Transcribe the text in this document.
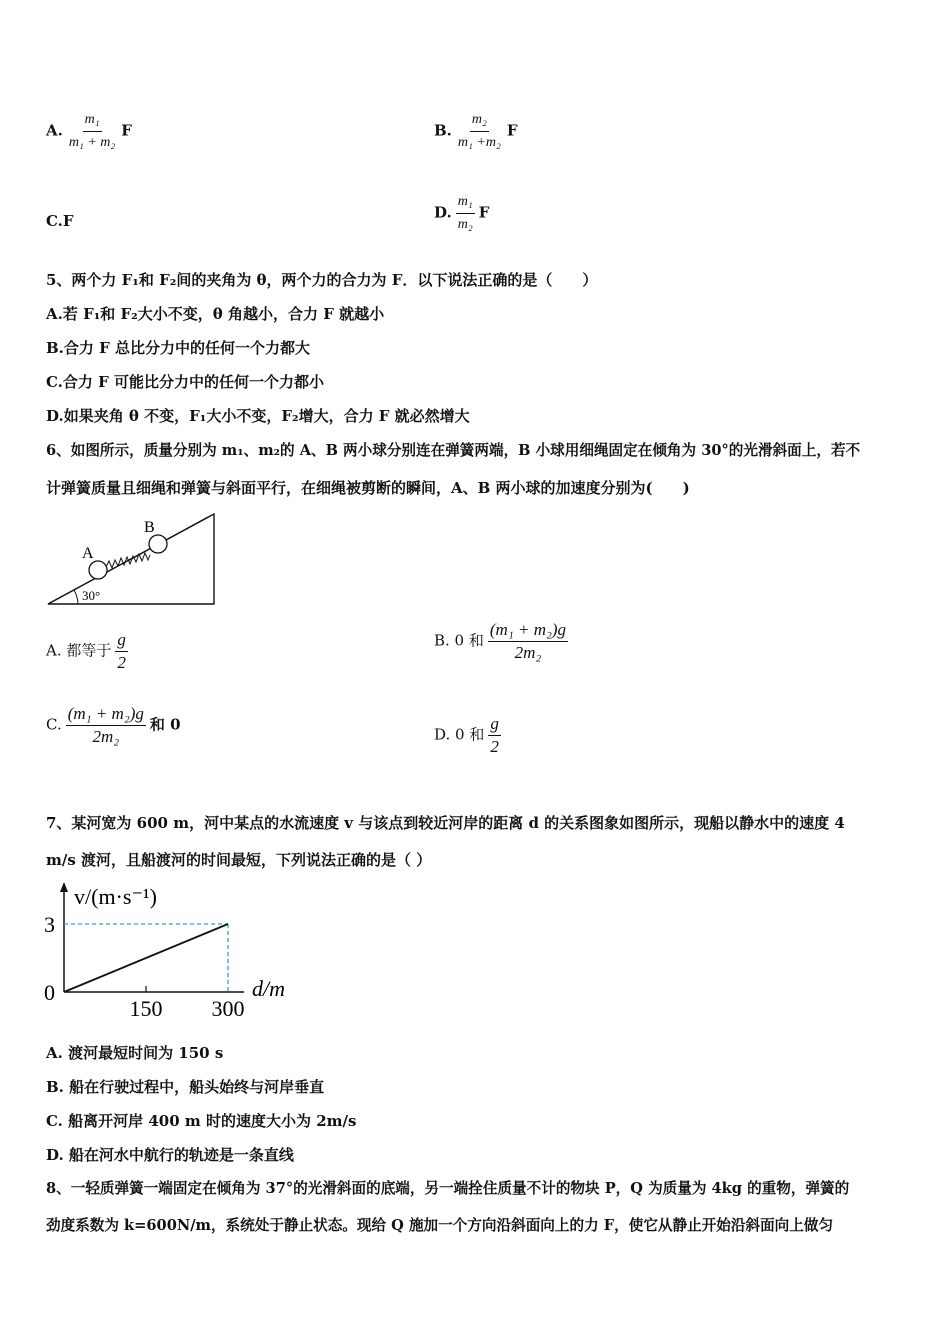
A. $\frac{\text{m₁}}{\text{m₁ + m₂}}$ F	B. $\frac{\text{m₂}}{\text{m₁ +m₂}}$ F
C.F	D. $\frac{\text{m₁}}{\text{m₂}}$ F
5、两个力 F₁和 F₂间的夹角为 θ，两个力的合力为 F．以下说法正确的是（　　）
A.若 F₁和 F₂大小不变，θ 角越小，合力 F 就越小
B.合力 F 总比分力中的任何一个力都大
C.合力 F 可能比分力中的任何一个力都小
D.如果夹角 θ 不变，F₁大小不变，F₂增大，合力 F 就必然增大
6、如图所示，质量分别为 m₁、m₂的 A、B 两小球分别连在弹簧两端，B 小球用细绳固定在倾角为 30°的光滑斜面上，若不
计弹簧质量且细绳和弹簧与斜面平行，在细绳被剪断的瞬间，A、B 两小球的加速度分别为(　　)
30°
A
B
A. 都等于 $\frac{g}{2}$	B. 0 和 $\frac{\text{(m₁ + m₂)g}}{\text{2m₂}}$
C. $\frac{\text{(m₁ + m₂)g}}{\text{2m₂}}$ 和 0
D. 0 和 $\frac{g}{2}$
7、某河宽为 600 m，河中某点的水流速度 v 与该点到较近河岸的距离 d 的关系图象如图所示，现船以静水中的速度 4
m/s 渡河，且船渡河的时间最短，下列说法正确的是（ ）
0
3
150 300
d/m
v/(m·s⁻¹)
A. 渡河最短时间为 150 s
B. 船在行驶过程中，船头始终与河岸垂直
C. 船离开河岸 400 m 时的速度大小为 2m/s
D. 船在河水中航行的轨迹是一条直线
8、一轻质弹簧一端固定在倾角为 37°的光滑斜面的底端，另一端拴住质量不计的物块 P，Q 为质量为 4kg 的重物，弹簧的
劲度系数为 k=600N/m，系统处于静止状态。现给 Q 施加一个方向沿斜面向上的力 F，使它从静止开始沿斜面向上做匀
